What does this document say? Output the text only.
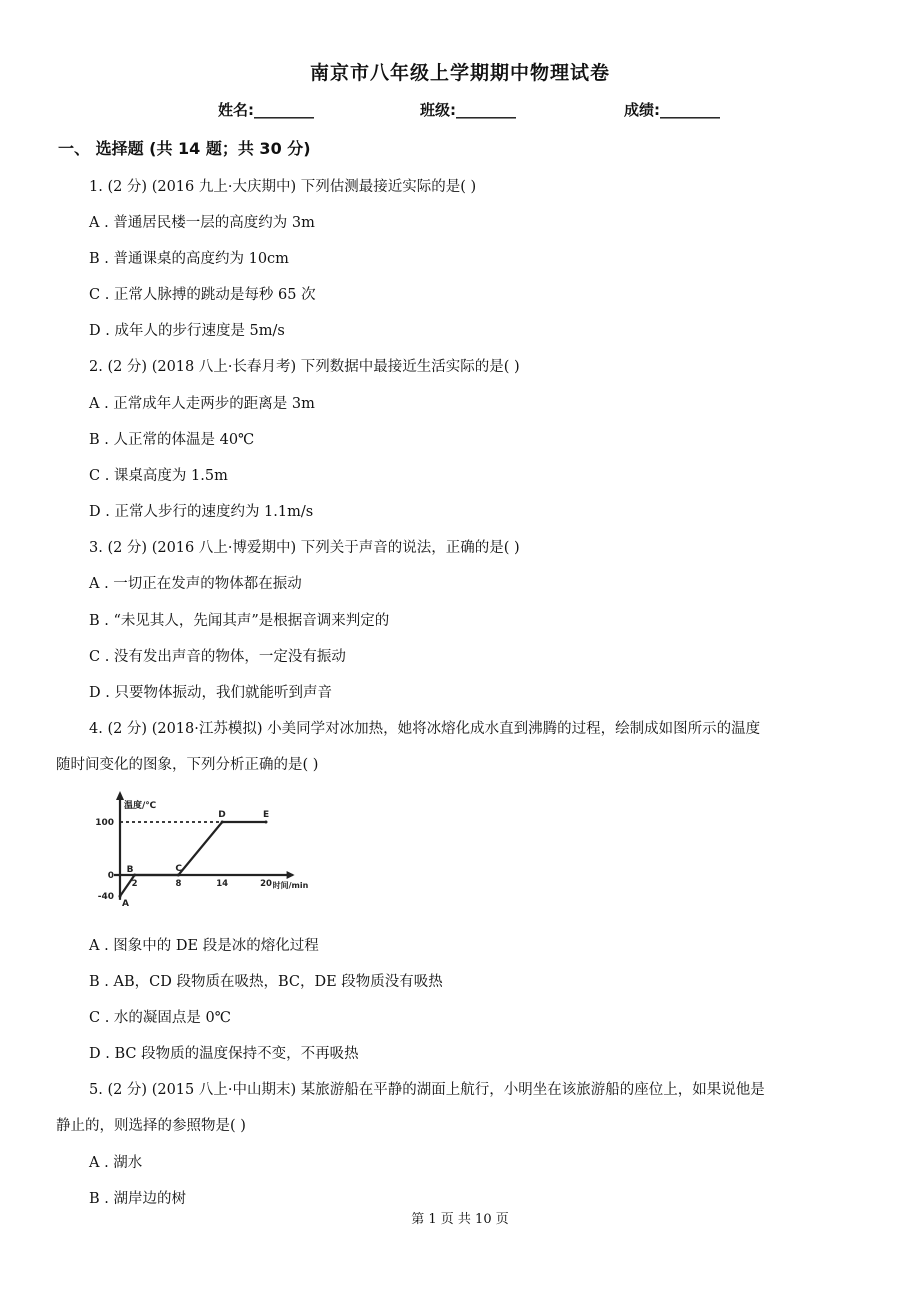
南京市八年级上学期期中物理试卷
姓名:________	班级:________	成绩:________
一、 选择题 (共 14 题；共 30 分)
1. (2 分) (2016 九上·大庆期中) 下列估测最接近实际的是( )
A . 普通居民楼一层的高度约为 3m
B . 普通课桌的高度约为 10cm
C . 正常人脉搏的跳动是每秒 65 次
D . 成年人的步行速度是 5m/s
2. (2 分) (2018 八上·长春月考) 下列数据中最接近生活实际的是( )
A . 正常成年人走两步的距离是 3m
B . 人正常的体温是 40℃
C . 课桌高度为 1.5m
D . 正常人步行的速度约为 1.1m/s
3. (2 分) (2016 八上·博爱期中) 下列关于声音的说法，正确的是( )
A . 一切正在发声的物体都在振动
B . “未见其人，先闻其声”是根据音调来判定的
C . 没有发出声音的物体，一定没有振动
D . 只要物体振动，我们就能听到声音
4. (2 分) (2018·江苏模拟) 小美同学对冰加热，她将冰熔化成水直到沸腾的过程，绘制成如图所示的温度
随时间变化的图象，下列分析正确的是( )
温度/℃
时间/min
100
0
-40
2	8	14	20
A
B	C
D	E
A . 图象中的 DE 段是冰的熔化过程
B . AB，CD 段物质在吸热，BC，DE 段物质没有吸热
C . 水的凝固点是 0℃
D . BC 段物质的温度保持不变，不再吸热
5. (2 分) (2015 八上·中山期末) 某旅游船在平静的湖面上航行，小明坐在该旅游船的座位上，如果说他是
静止的，则选择的参照物是( )
A . 湖水
B . 湖岸边的树
第 1 页 共 10 页
